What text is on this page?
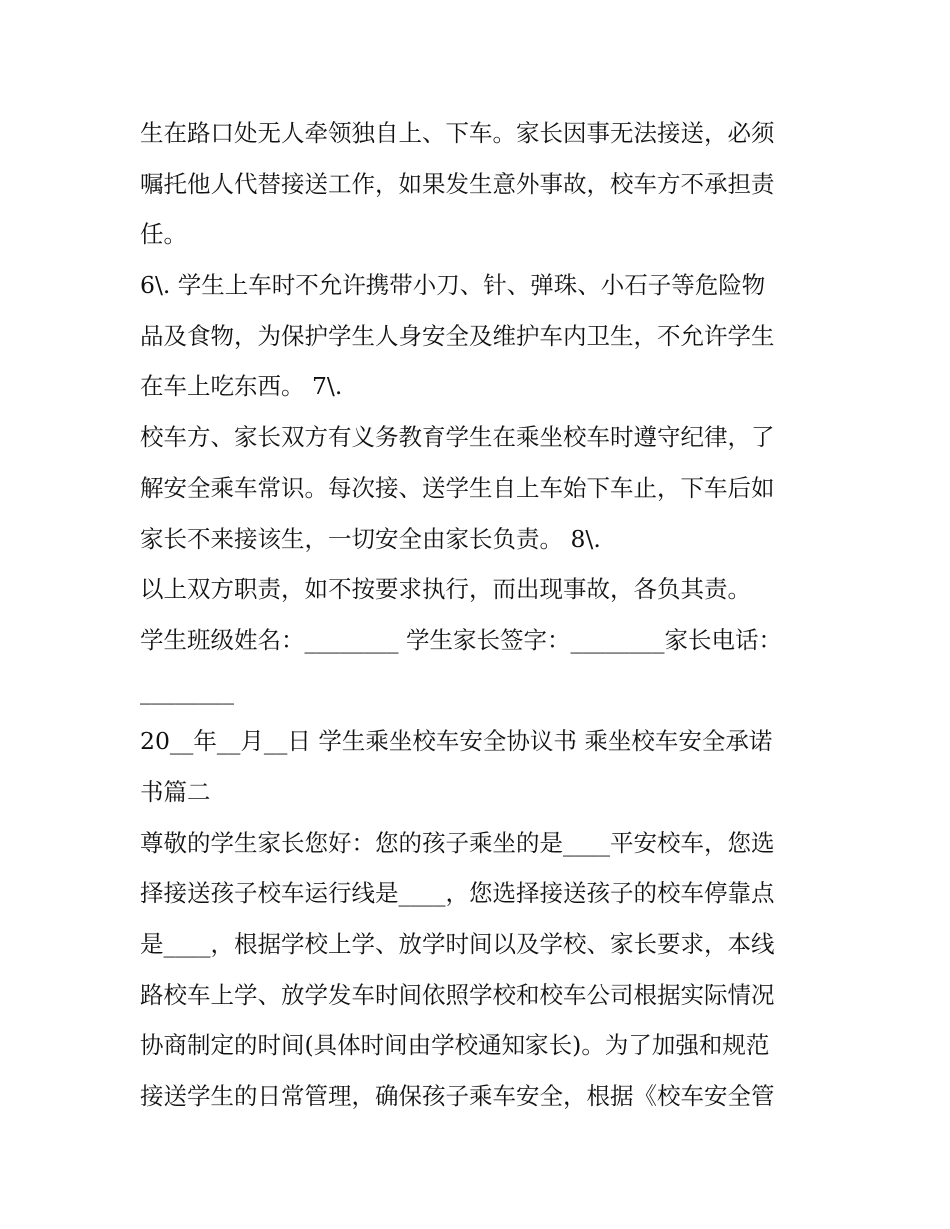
生在路口处无人牵领独自上、下车。家长因事无法接送，必须
嘱托他人代替接送工作，如果发生意外事故，校车方不承担责
任。
6\. 学生上车时不允许携带小刀、针、弹珠、小石子等危险物
品及食物，为保护学生人身安全及维护车内卫生，不允许学生
在车上吃东西。 7\.
校车方、家长双方有义务教育学生在乘坐校车时遵守纪律，了
解安全乘车常识。每次接、送学生自上车始下车止，下车后如
家长不来接该生，一切安全由家长负责。 8\.
以上双方职责，如不按要求执行，而出现事故，各负其责。
学生班级姓名：________ 学生家长签字：________家长电话：
________
20__年__月__日 学生乘坐校车安全协议书 乘坐校车安全承诺
书篇二
尊敬的学生家长您好：您的孩子乘坐的是____平安校车，您选
择接送孩子校车运行线是____，您选择接送孩子的校车停靠点
是____，根据学校上学、放学时间以及学校、家长要求，本线
路校车上学、放学发车时间依照学校和校车公司根据实际情况
协商制定的时间(具体时间由学校通知家长)。为了加强和规范
接送学生的日常管理，确保孩子乘车安全，根据《校车安全管
